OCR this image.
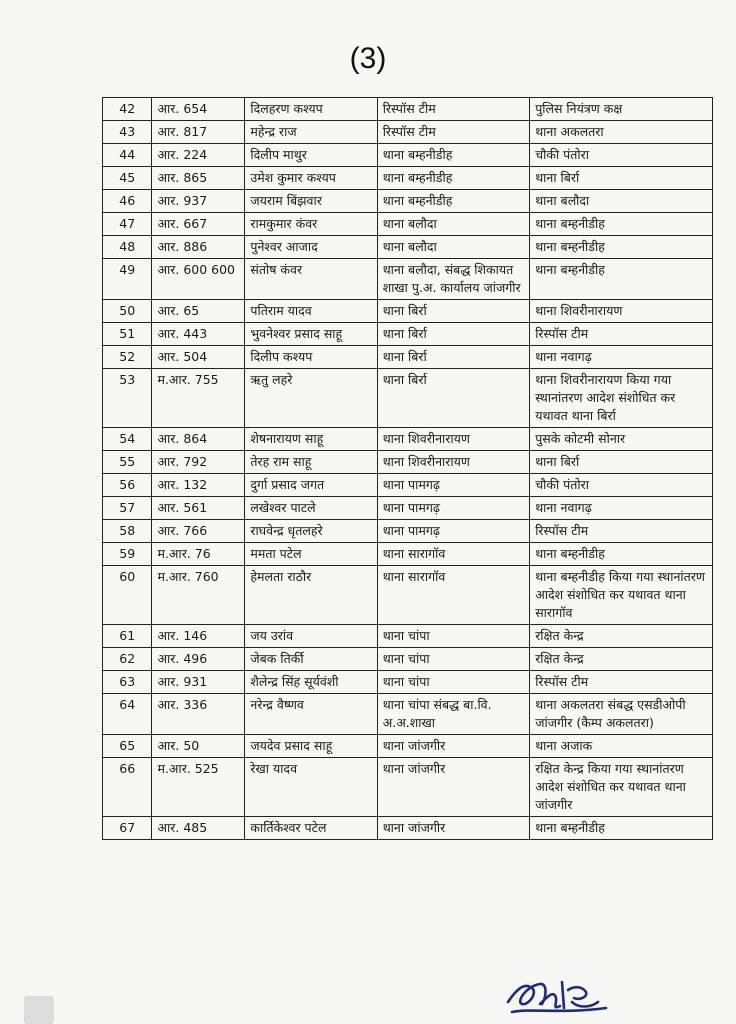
(3)
42	आर. 654	दिलहरण कश्यप	रिस्पॉस टीम	पुलिस नियंत्रण कक्ष
43	आर. 817	महेन्द्र राज	रिस्पॉस टीम	थाना अकलतरा
44	आर. 224	दिलीप माथुर	थाना बम्हनीडीह	चौकी पंतोरा
45	आर. 865	उमेश कुमार कश्यप	थाना बम्हनीडीह	थाना बिर्रा
46	आर. 937	जयराम बिंझवार	थाना बम्हनीडीह	थाना बलौदा
47	आर. 667	रामकुमार कंवर	थाना बलौदा	थाना बम्हनीडीह
48	आर. 886	पुनेश्वर आजाद	थाना बलौदा	थाना बम्हनीडीह
49	आर. 600 600	संतोष कंवर	थाना बलौदा, संबद्ध शिकायत शाखा पु.अ. कार्यालय जांजगीर	थाना बम्हनीडीह
50	आर. 65	पतिराम यादव	थाना बिर्रा	थाना शिवरीनारायण
51	आर. 443	भुवनेश्वर प्रसाद साहू	थाना बिर्रा	रिस्पॉस टीम
52	आर. 504	दिलीप कश्यप	थाना बिर्रा	थाना नवागढ़
53	म.आर. 755	ऋतु लहरे	थाना बिर्रा	थाना शिवरीनारायण किया गया स्थानांतरण आदेश संशोधित कर यथावत थाना बिर्रा
54	आर. 864	शेषनारायण साहू	थाना शिवरीनारायण	पुसके कोटमी सोनार
55	आर. 792	तेरह राम साहू	थाना शिवरीनारायण	थाना बिर्रा
56	आर. 132	दुर्गा प्रसाद जगत	थाना पामगढ़	चौकी पंतोरा
57	आर. 561	लखेश्वर पाटले	थाना पामगढ़	थाना नवागढ़
58	आर. 766	राघवेन्द्र धृतलहरे	थाना पामगढ़	रिस्पॉस टीम
59	म.आर. 76	ममता पटेल	थाना सारागॉव	थाना बम्हनीडीह
60	म.आर. 760	हेमलता राठौर	थाना सारागॉव	थाना बम्हनीडीह किया गया स्थानांतरण आदेश संशोधित कर यथावत थाना सारागॉव
61	आर. 146	जय उरांव	थाना चांपा	रक्षित केन्द्र
62	आर. 496	जेबक तिर्की	थाना चांपा	रक्षित केन्द्र
63	आर. 931	शैलेन्द्र सिंह सूर्यवंशी	थाना चांपा	रिस्पॉस टीम
64	आर. 336	नरेन्द्र वैष्णव	थाना चांपा संबद्ध बा.वि. अ.अ.शाखा	थाना अकलतरा संबद्ध एसडीओपी जांजगीर (कैम्प अकलतरा)
65	आर. 50	जयदेव प्रसाद साहू	थाना जांजगीर	थाना अजाक
66	म.आर. 525	रेखा यादव	थाना जांजगीर	रक्षित केन्द्र किया गया स्थानांतरण आदेश संशोधित कर यथावत थाना जांजगीर
67	आर. 485	कार्तिकेश्वर पटेल	थाना जांजगीर	थाना बम्हनीडीह
